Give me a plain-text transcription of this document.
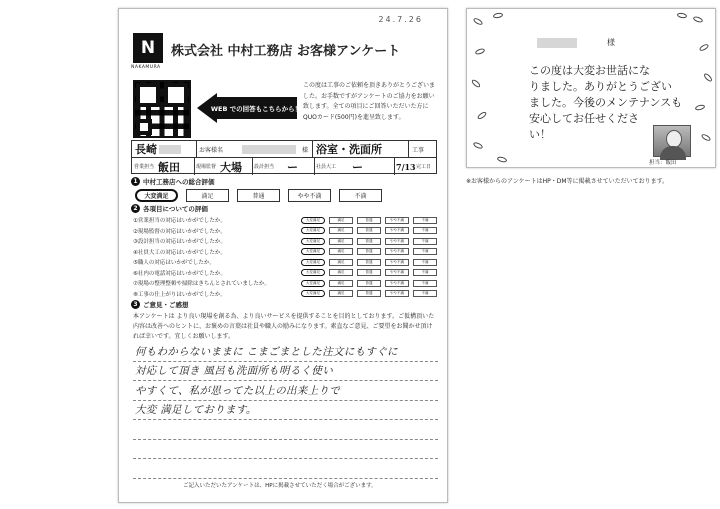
24.7.26
N
NAKAMURA
株式会社 中村工務店 お客様アンケート
WEB での回答もこちらから！
この度は工事のご依頼を頂きありがとうございました。お手数ですがアンケートのご協力をお願い致します。全ての項目にご回答いただいた方に QUOカード(500円)を進呈致します。
長崎	お客様名	様 浴室・洗面所	工事
営業担当 飯田	現場監督 大場 設計担当 ー	社員大工 ー	7/13 完工日
1 中村工務店への総合評価
大変満足	満足	普通	やや不満	不満
2 各項目についての評価
①営業担当の対応はいかがでしたか。	大変満足	満足	普通	やや不満	不満
②現場監督の対応はいかがでしたか。	大変満足	満足	普通	やや不満	不満
③設計担当の対応はいかがでしたか。	大変満足	満足	普通	やや不満	不満
④社員大工の対応はいかがでしたか。	大変満足	満足	普通	やや不満	不満
⑤職人の対応はいかがでしたか。	大変満足	満足	普通	やや不満	不満
⑥社内の電話対応はいかがでしたか。	大変満足	満足	普通	やや不満	不満
⑦現場の整理整頓や掃除はきちんとされていましたか。	大変満足	満足	普通	やや不満	不満
⑧工事の仕上がりはいかがでしたか。	大変満足	満足	普通	やや不満	不満
3 ご意見・ご感想
本アンケートは より良い現場を創る為、より良いサービスを提供することを目的としております。ご仮構頂いた内容は改善へのヒントに、お褒めの言葉は社員や職人の励みになります。素直なご意見、ご要望をお聞かせ頂ければ幸いです。宜しくお願いします。
何もわからないままに こまごまとした注文にもすぐに
対応して頂き 風呂も洗面所も明るく使い
やすくて、私が思ってた以上の出来上りで
大変 満足しております。
ご記入いただいたアンケートは、HPに掲載させていただく場合がございます。
様
この度は大変お世話にな
りました。ありがとうござい
ました。今後のメンテナンスも
安心してお任せくださ
い！
担当：飯田
※お客様からのアンケートはHP・DM等に掲載させていただいております。
